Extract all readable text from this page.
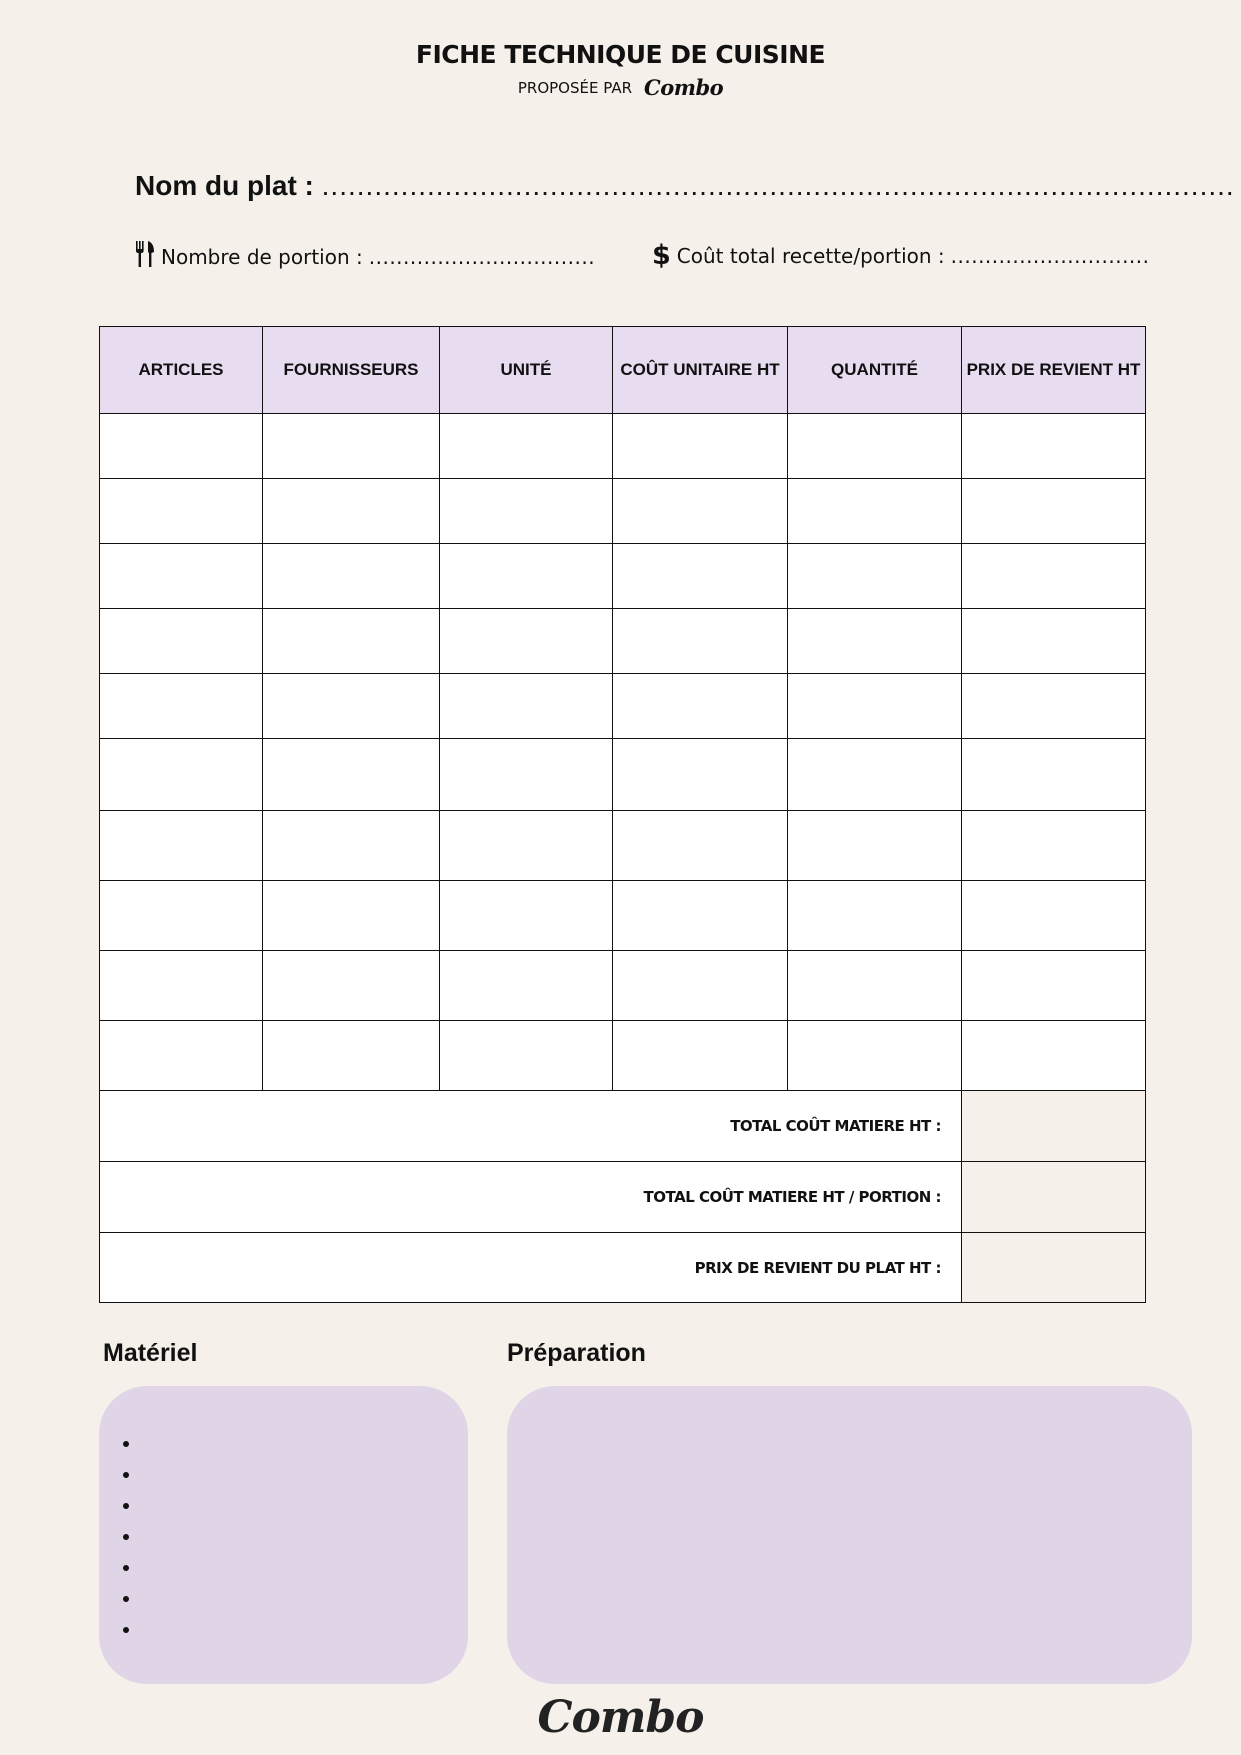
FICHE TECHNIQUE DE CUISINE
PROPOSÉE PAR Combo
Nom du plat : ........................................................................................................
Nombre de portion : ................................. $ Coût total recette/portion : .............................
ARTICLES	FOURNISSEURS	UNITÉ	COÛT UNITAIRE HT	QUANTITÉ	PRIX DE REVIENT HT

TOTAL COÛT MATIERE HT :					
TOTAL COÛT MATIERE HT / PORTION :					
PRIX DE REVIENT DU PLAT HT :					
Matériel	Préparation
•
•
•
•
•
•
•
Combo
